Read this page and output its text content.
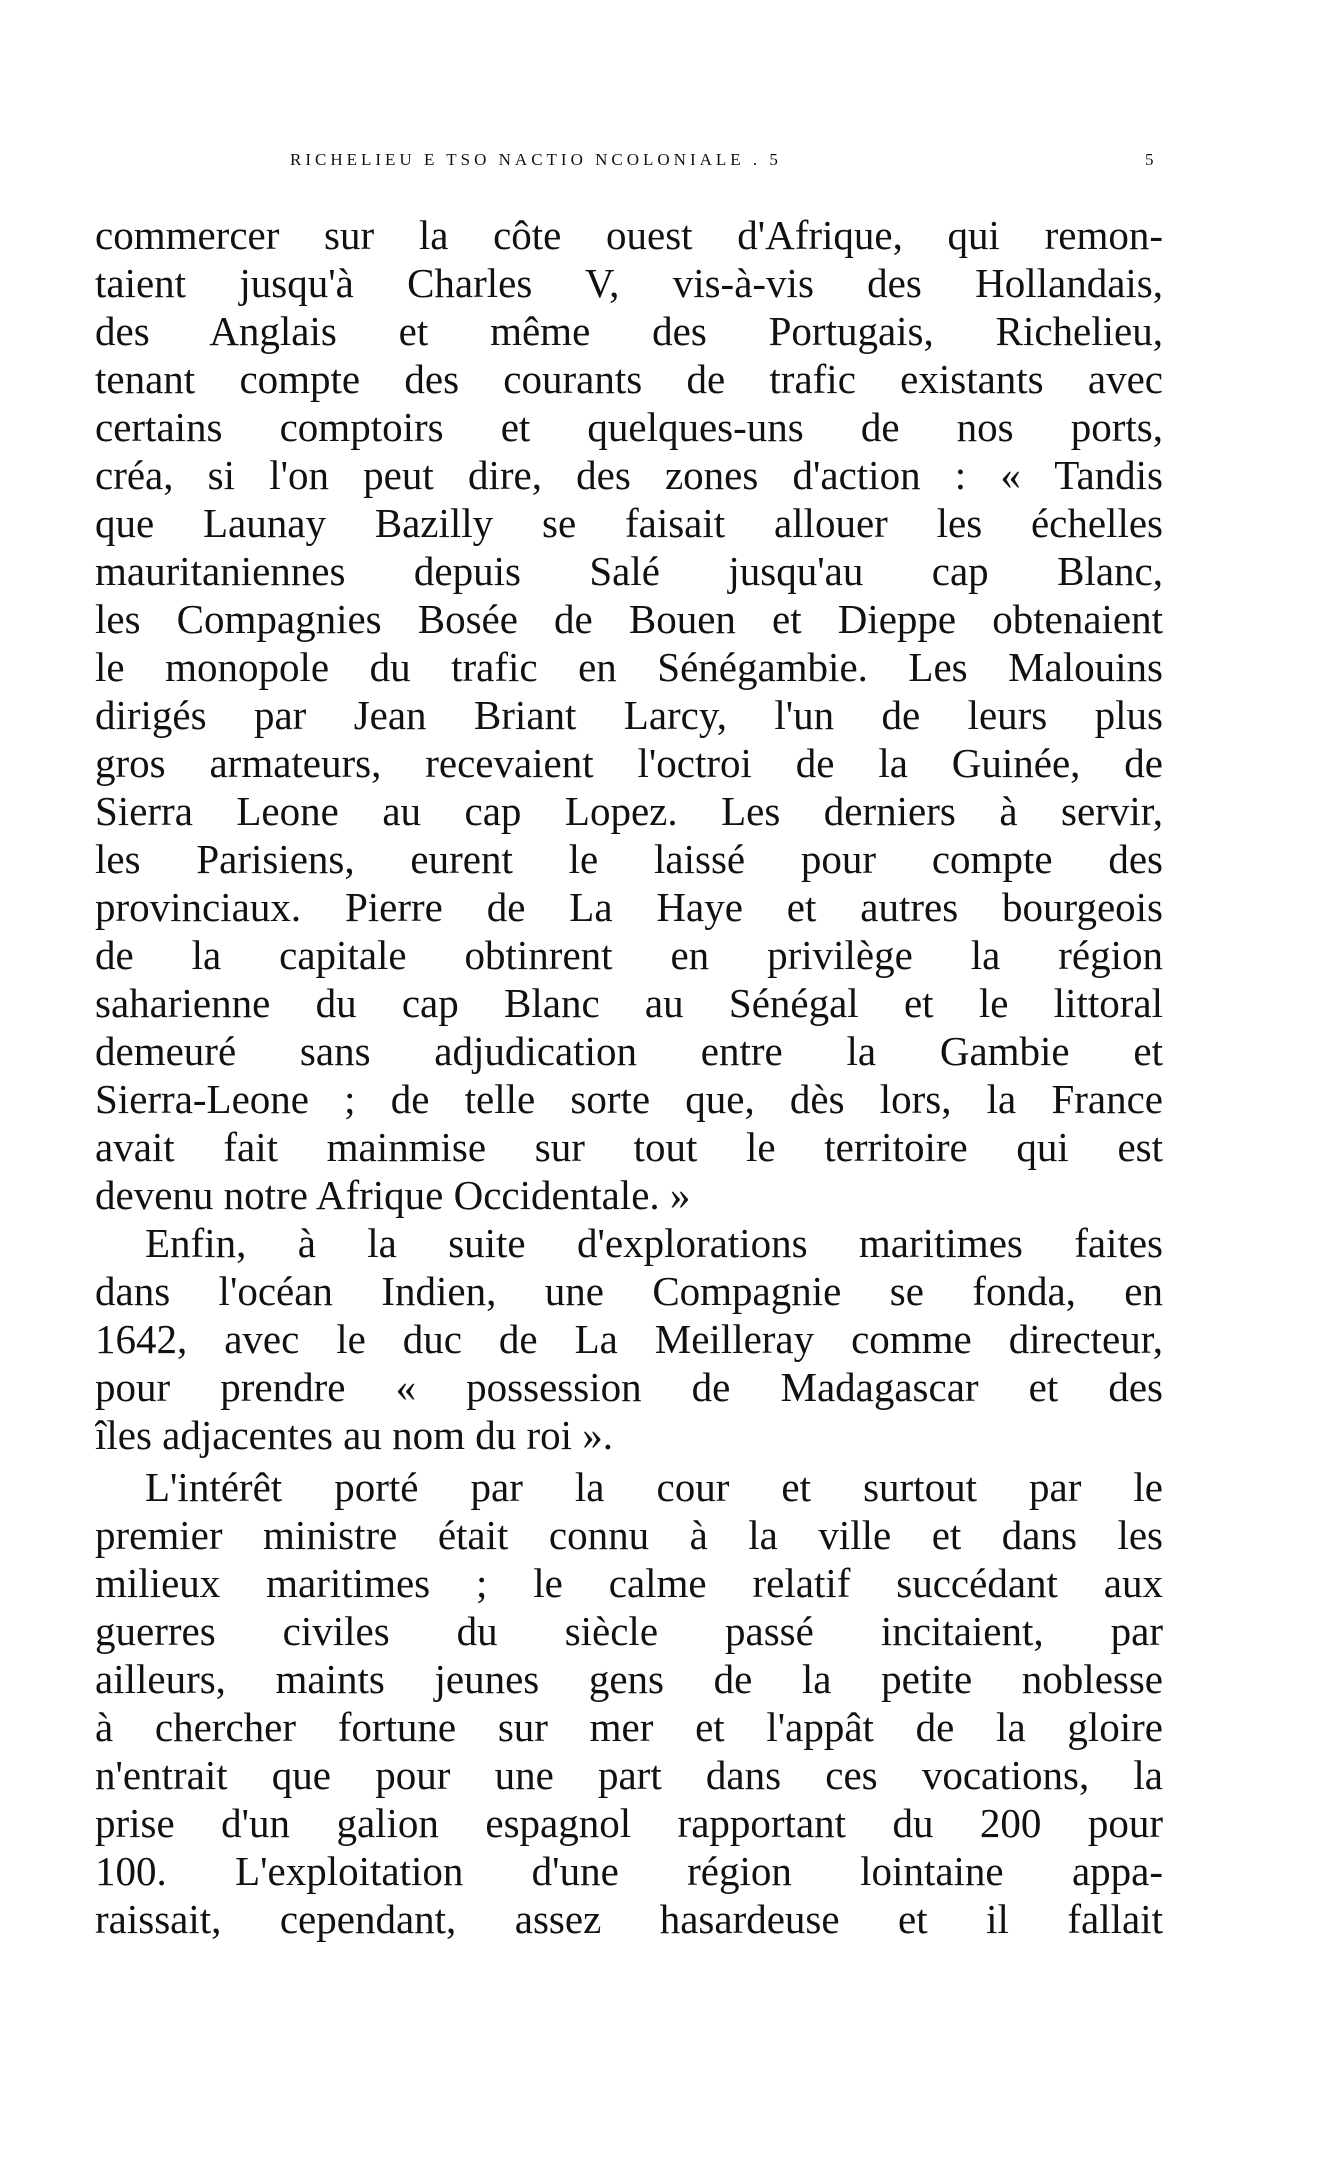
RICHELIEU E TSO NACTIO NCOLONIALE . 5	5
commercer sur la côte ouest d'Afrique, qui remon-
taient jusqu'à Charles V, vis-à-vis des Hollandais,
des Anglais et même des Portugais, Richelieu,
tenant compte des courants de trafic existants avec
certains comptoirs et quelques-uns de nos ports,
créa, si l'on peut dire, des zones d'action : « Tandis
que Launay Bazilly se faisait allouer les échelles
mauritaniennes depuis Salé jusqu'au cap Blanc,
les Compagnies Bosée de Bouen et Dieppe obtenaient
le monopole du trafic en Sénégambie. Les Malouins
dirigés par Jean Briant Larcy, l'un de leurs plus
gros armateurs, recevaient l'octroi de la Guinée, de
Sierra Leone au cap Lopez. Les derniers à servir,
les Parisiens, eurent le laissé pour compte des
provinciaux. Pierre de La Haye et autres bourgeois
de la capitale obtinrent en privilège la région
saharienne du cap Blanc au Sénégal et le littoral
demeuré sans adjudication entre la Gambie et
Sierra-Leone ; de telle sorte que, dès lors, la France
avait fait mainmise sur tout le territoire qui est
devenu notre Afrique Occidentale. »
Enfin, à la suite d'explorations maritimes faites
dans l'océan Indien, une Compagnie se fonda, en
1642, avec le duc de La Meilleray comme directeur,
pour prendre « possession de Madagascar et des
îles adjacentes au nom du roi ».
L'intérêt porté par la cour et surtout par le
premier ministre était connu à la ville et dans les
milieux maritimes ; le calme relatif succédant aux
guerres civiles du siècle passé incitaient, par
ailleurs, maints jeunes gens de la petite noblesse
à chercher fortune sur mer et l'appât de la gloire
n'entrait que pour une part dans ces vocations, la
prise d'un galion espagnol rapportant du 200 pour
100. L'exploitation d'une région lointaine appa-
raissait, cependant, assez hasardeuse et il fallait
